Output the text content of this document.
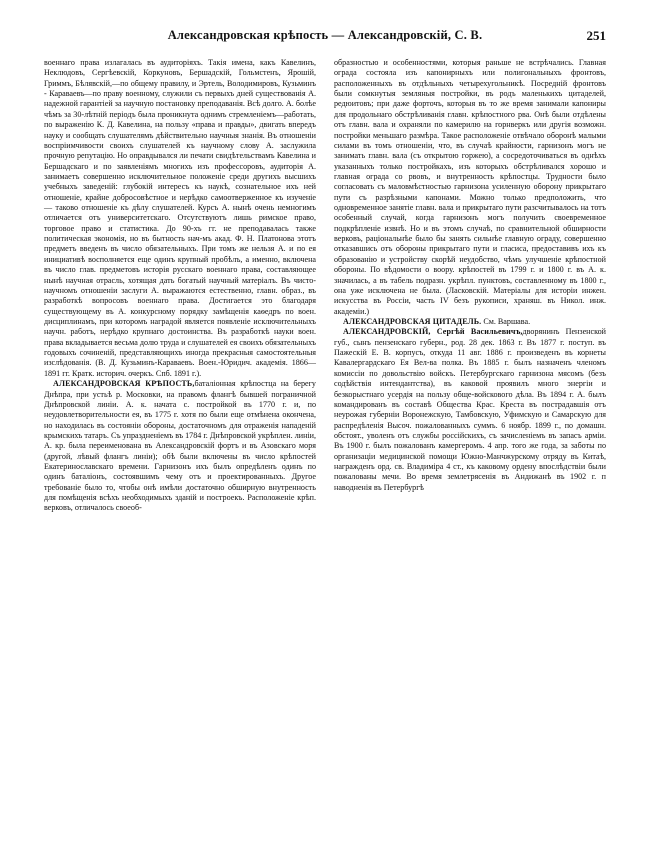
Александровская крѣпость — Александровскій, С. В.	251

военнаго права излагалась въ аудиторіяхъ. Такія имена, какъ Кавелинъ, Неклюдовъ, Сергѣевскій, Коркуновъ, Бершадскій, Гольмстенъ, Ярошій, Гриммъ, Бѣлявскій,—по общему правилу, и Эртель, Володимировъ, Кузьминъ - Караваевъ—по праву военному, служили съ первыхъ дней существованія А. надежной гарантіей за научную постановку преподаванія. Всѣ долго. А. болѣе чѣмъ за 30-лѣтній періодъ была проникнута однимъ стремленіемъ—работать, по выраженію К. Д. Кавелина, на пользу «права и правды», двигать впередъ науку и сообщать слушателямъ дѣйствительно научныя знанія. Въ отношеніи воспріимчивости своихъ слушателей къ научному слову А. заслужила прочную репутацію. Но оправдывался ли печати свидѣтельствамъ Кавелина и Бершадскаго и по заявленіямъ многихъ изъ профессоровъ, аудиторія А. занимаетъ совершенно исключительное положеніе среди другихъ высшихъ учебныхъ заведеній: глубокій интересъ къ наукѣ, сознательное ихъ ней отношеніе, крайне добросовѣстное и нерѣдко самоотверженное къ изученіе — таково отношеніе къ дѣлу слушателей. Курсъ А. нынѣ очень немногимъ отличается отъ университетскаго. Отсутствуютъ лишь римское право, торговое право и статистика. До 90-хъ гг. не преподавалась также политическая экономія, но въ бытность нач-мъ акад. Ф. Н. Платонова этотъ предметъ введенъ въ число обязательныхъ. При томъ же нельзя А. и по ея инициативѣ восполняется еще одинъ крупный пробѣлъ, а именно, включена въ число глав. предметовъ исторія русскаго военнаго права, составляющее нынѣ научная отрасль, хотящая дать богатый научный матеріалъ. Въ чисто-научномъ отношеніи заслуги А. выражаются естественно, главн. образ., въ разработкѣ вопросовъ военнаго права. Достигается это благодаря существующему въ А. конкурсному порядку замѣщенія каѳедръ по воен. дисциплинамъ, при которомъ наградой является появленіе исключительныхъ научн. работъ, нерѣдко крупнаго достоинства. Въ разработкѣ науки воен. права вкладывается весьма долю труда и слушателей ея своихъ обязательныхъ годовыхъ сочиненій, представляющихъ иногда прекрасныя самостоятельныя изслѣдованія. (В. Д. Кузьминъ-Караваевъ. Воен.-Юридич. академія. 1866—1891 гг. Кратк. историч. очеркъ. Спб. 1891 г.).

АЛЕКСАНДРОВСКАЯ КРѢПОСТЬ,баталіонная крѣпостца на берегу Днѣпра, при устьѣ р. Московки, на правомъ флангѣ бывшей пограничной Днѣпровской линіи. А. к. начата с. постройкой въ 1770 г. и, по неудовлетворительности ея, въ 1775 г. хотя по были еще отмѣнена окончена, но находилась въ состояніи обороны, достаточномъ для отраженія нападеній крымскихъ татаръ. Съ упраздненіемъ въ 1784 г. Днѣпровской укрѣплен. линіи, А. кр. была переименована въ Александровскій фортъ и въ Азовскаго моря (другой, лѣвый флангъ линіи); обѣ были включены въ число крѣпостей Екатеринославскаго времени. Гарнизонъ ихъ былъ опредѣленъ одинъ по одинъ баталіонъ, состоявшимъ чему отъ и проектированныхъ. Другое требованіе было то, чтобы онѣ имѣли достаточно обширную внутренность для помѣщенія всѣхъ необходимыхъ зданій и построекъ. Расположеніе крѣп. верковъ, отличалось своеоб-

образностью и особенностями, которыя раньше не встрѣчались. Главная ограда состояла изъ капонирныхъ или полигональныхъ фронтовъ, расположенныхъ въ отдѣльныхъ четырехугольникѣ. Посредній фронтовъ были сомкнутыя земляныя постройки, въ родъ маленькихъ цитаделей, редюитовъ; при даже форточъ, которыя въ то же время занимали капониры для продольнаго обстрѣливанія главн. крѣпостного рва. Онѣ были отдѣлены отъ главн. вала и охраняли по камерилю на горнверкъ или другія возможн. постройки меньшаго размѣра. Такое расположеніе отвѣчало оборонѣ малыми силами въ томъ отношеніи, что, въ случаѣ крайности, гарнизонъ могъ не занимать главн. вала (съ открытою горжею), а сосредоточиваться въ однѣхъ указанныхъ только постройкахъ, изъ которыхъ обстрѣливался хорошо и главная ограда со рвовъ, и внутренность крѣпостцы. Трудности было согласовать съ маловмѣстностью гарнизона усиленную оборону прикрытаго пути съ разрѣзными капонами. Можно только предположить, что одновременное занятіе главн. вала и прикрытаго пути разсчитывалось на тотъ особенный случай, когда гарнизонъ могъ получить своевременное подкрѣпленіе извнѣ. Но и въ этомъ случаѣ, по сравнительной обширности верковъ, раціональнѣе было бы занять сильнѣе главную ограду, совершенно отказавшись отъ обороны прикрытаго пути и гласиса, предоставивъ ихъ къ образованію и устройству скорѣй неудобство, чѣмъ улучшеніе крѣпостной обороны. По вѣдомости о воору. крѣпостей въ 1799 г. и 1800 г. въ А. к. значилась, а въ табель подразн. укрѣпл. пунктовъ, составленному въ 1800 г., она уже исключена не была. (Ласковскій. Матеріалы для исторіи инжен. искусства въ Россіи, часть IV безъ рукописи, храняш. въ Никол. инж. академіи.)

АЛЕКСАНДРОВСКАЯ ЦИТАДЕЛЬ. См. Варшава.

АЛЕКСАНДРОВСКІЙ, Сергѣй Васильевичъ,дворянинъ Пензенской губ., сынъ пензенскаго губерн., род. 28 дек. 1863 г. Въ 1877 г. поступ. въ Пажескій Е. В. корпусъ, откуда 11 авг. 1886 г. произведенъ въ корнеты Кавалергардскаго Ея Вел-ва полка. Въ 1885 г. былъ назначенъ членомъ комиссіи по довольствію войскъ. Петербургскаго гарнизона мясомъ (безъ содѣйствія интендантства), въ каковой проявилъ много энергіи и безкорыстнаго усердія на пользу обще-войскового дѣла. Въ 1894 г. А. былъ командированъ въ составѣ Общества Крас. Креста въ пострадавшія отъ неурожая губерніи Воронежскую, Тамбовскую, Уфимскую и Самарскую для распредѣленія Высоч. пожалованныхъ суммъ. 6 ноябр. 1899 г., по домашн. обстоят., уволенъ отъ службы россійскихъ, съ зачисленіемъ въ запасъ арміи. Въ 1900 г. былъ пожалованъ камергеромъ. 4 апр. того же года, за заботы по организаціи медицинской помощи Южно-Манчжурскому отряду въ Китаѣ, награжденъ орд. св. Владиміра 4 ст., къ каковому ордену впослѣдствіи были пожалованы мечи. Во время землетрясенія въ Андижанѣ въ 1902 г. п наводненія въ Петербургѣ
